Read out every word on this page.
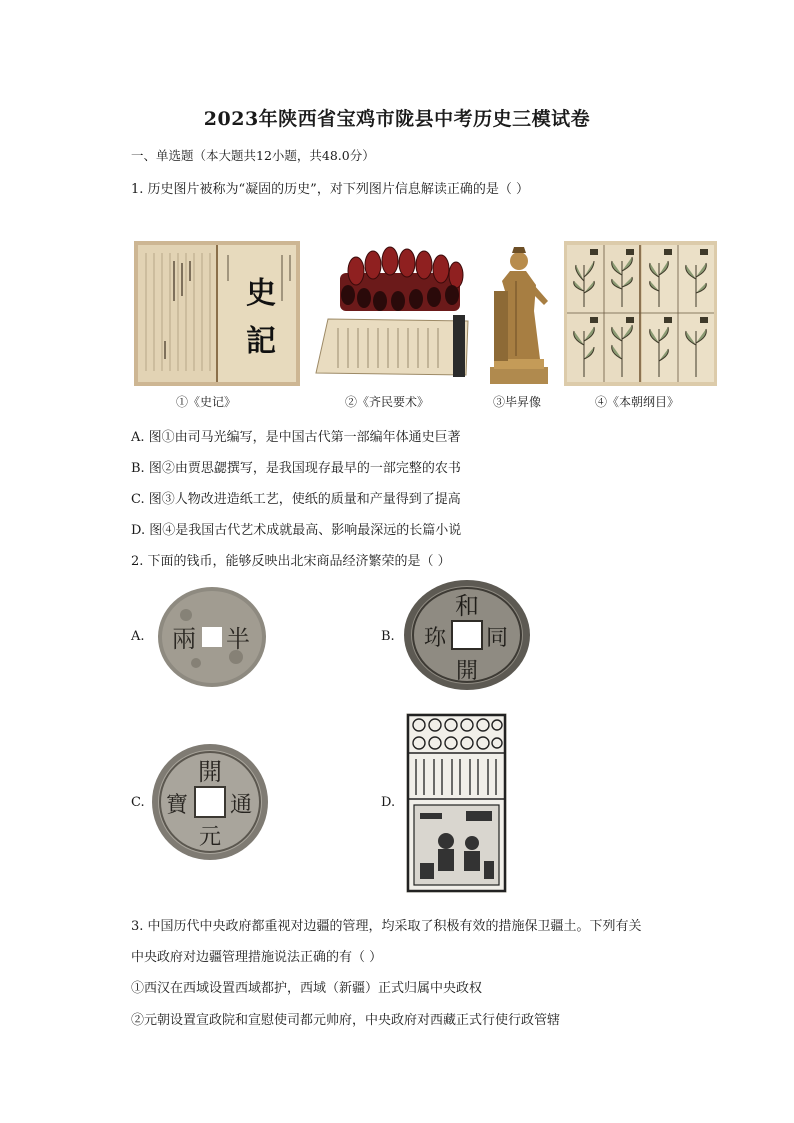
2023年陕西省宝鸡市陇县中考历史三模试卷
一、单选题（本大题共12小题，共48.0分）
1. 历史图片被称为“凝固的历史”，对下列图片信息解读正确的是（ ）
史
記
①《史记》	②《齐民要术》	③毕昇像	④《本朝纲目》
A. 图①由司马光编写，是中国古代第一部编年体通史巨著
B. 图②由贾思勰撰写，是我国现存最早的一部完整的农书
C. 图③人物改进造纸工艺，使纸的质量和产量得到了提高
D. 图④是我国古代艺术成就最高、影响最深远的长篇小说
2. 下面的钱币，能够反映出北宋商品经济繁荣的是（ ）
A. 兩 半	B.
和
同
開
珎
C.
開
通
元
寶	D.
3. 中国历代中央政府都重视对边疆的管理，均采取了积极有效的措施保卫疆土。下列有关
中央政府对边疆管理措施说法正确的有（ ）
①西汉在西域设置西域都护，西域（新疆）正式归属中央政权
②元朝设置宣政院和宣慰使司都元帅府，中央政府对西藏正式行使行政管辖
